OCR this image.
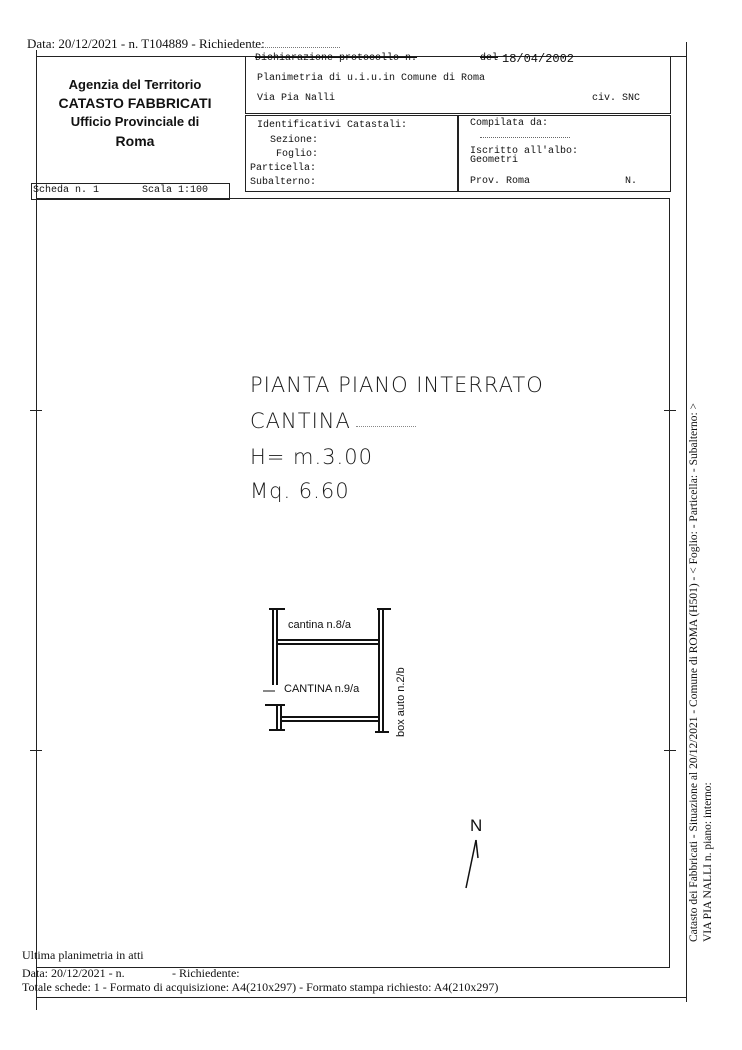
Data: 20/12/2021 - n. T104889 - Richiedente:
Agenzia del Territorio
CATASTO FABBRICATI
Ufficio Provinciale di
Roma
Dichiarazione protocollo n.	del 18/04/2002
Planimetria di u.i.u.in Comune di Roma
Via Pia Nalli	civ. SNC
Identificativi Catastali:
Sezione:
Foglio:
Particella:
Subalterno:
Compilata da:
Iscritto all'albo:
Geometri
Prov. Roma	N.
Scheda n. 1	Scala 1:100
PIANTA PIANO INTERRATO
CANTINA
H= m.3.00
Mq. 6.60
cantina n.8/a
CANTINA n.9/a	box auto n.2/b
N	Catasto dei Fabbricati - Situazione al 20/12/2021 - Comune di ROMA (H501) - < Foglio: - Particella: - Subalterno: > VIA PIA NALLI n. piano: interno:
Ultima planimetria in atti
Data: 20/12/2021 - n.	- Richiedente:
Totale schede: 1 - Formato di acquisizione: A4(210x297) - Formato stampa richiesto: A4(210x297)
